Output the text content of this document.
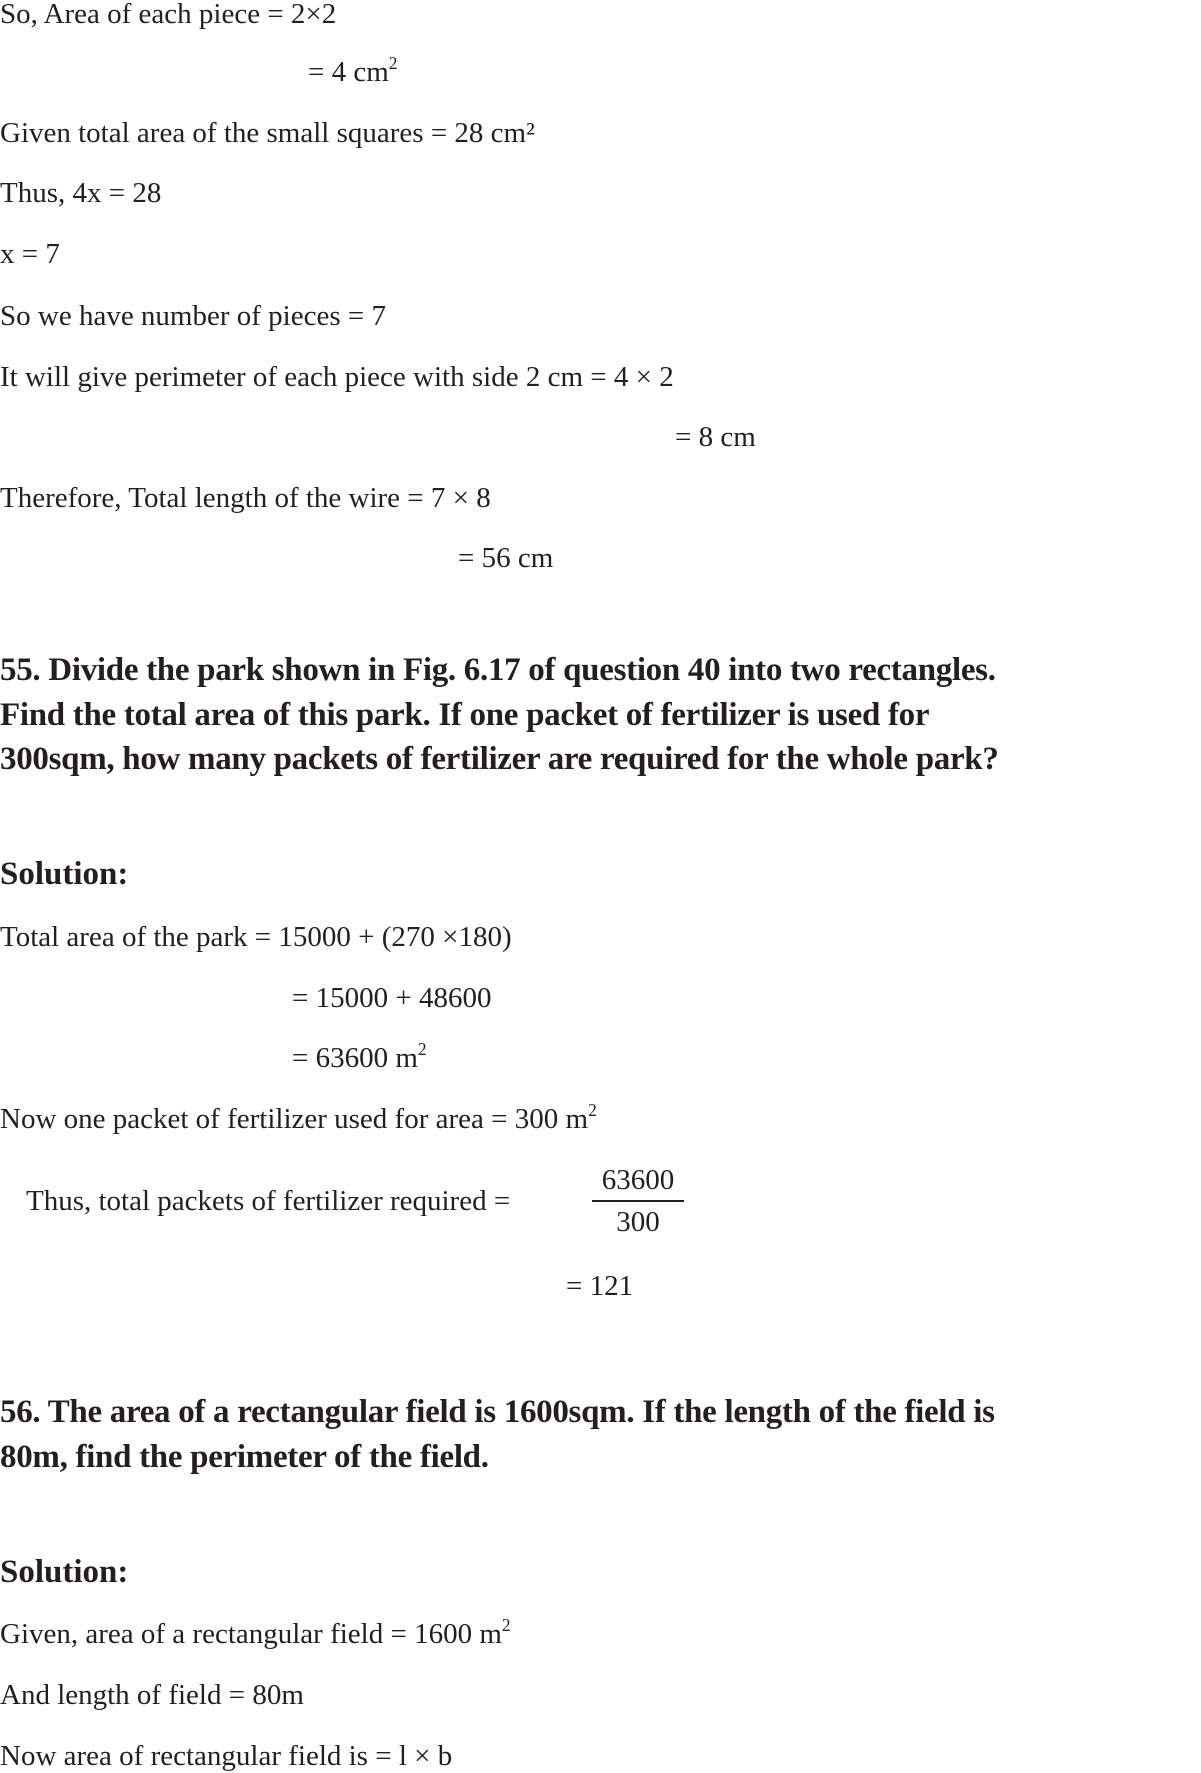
So, Area of each piece = 2×2
= 4 $cm^2$
Given total area of the small squares = 28 cm²
Thus, 4x = 28
x = 7
So we have number of pieces = 7
It will give perimeter of each piece with side 2 cm = 4 × 2
= 8 cm
Therefore, Total length of the wire = 7 × 8
= 56 cm
55. Divide the park shown in Fig. 6.17 of question 40 into two rectangles.
Find the total area of this park. If one packet of fertilizer is used for
300sqm, how many packets of fertilizer are required for the whole park?
Solution:
Total area of the park = 15000 + (270 ×180)
= 15000 + 48600
= 63600 $m^2$
Now one packet of fertilizer used for area = 300 $m^2$
Thus, total packets of fertilizer required =
63600
300
= 121
56. The area of a rectangular field is 1600sqm. If the length of the field is
80m, find the perimeter of the field.
Solution:
Given, area of a rectangular field = 1600 $m^2$
And length of field = 80m
Now area of rectangular field is = l × b
